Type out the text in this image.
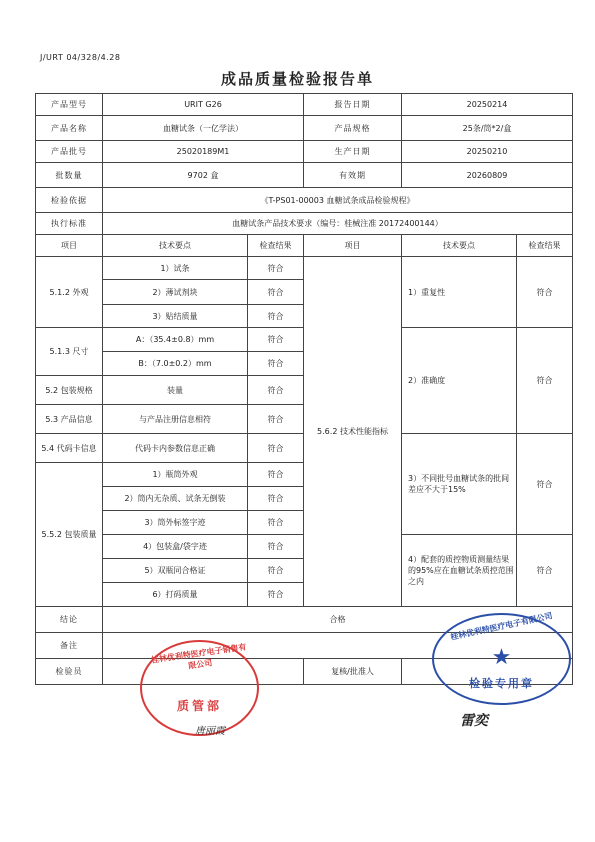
J/URT 04/328/4.28
成品质量检验报告单
产品型号	URIT G26		报告日期	20250214	
产品名称	血糖试条（一亿学法）		产品规格	25条/筒*2/盒	
产品批号	25020189M1		生产日期	20250210	
批数量	9702 盒		有效期	20260809	
检验依据	《T-PS01-00003 血糖试条成品检验规程》				
执行标准	血糖试条产品技术要求（编号：桂械注准 20172400144）				
项目	技术要点	检查结果	项目	技术要点	检查结果
5.1.2 外观	1）试条	符合	5.6.2 技术性能指标	1）重复性	符合
	2）薄试剂块	符合			
	3）贴结质量	符合			
5.1.3 尺寸	A：（35.4±0.8）mm	符合		2）准确度	符合
	B：（7.0±0.2）mm	符合			
5.2 包装规格	装量	符合			
5.3 产品信息	与产品注册信息相符	符合			
5.4 代码卡信息	代码卡内参数信息正确	符合		3）不同批号血糖试条的批间差应不大于15%	符合
5.5.2 包装质量	1）瓶筒外观	符合			
	2）筒内无杂质、试条无倒装	符合			
	3）筒外标签字迹	符合			
	4）包装盒/袋字迹	符合		4）配套的质控物质测量结果的95%应在血糖试条质控范围之内	符合
	5）双瓶同合格证	符合			
	6）打码质量	符合			
结论	合格				
备注					
检验员			复核/批准人		
桂林优利特医疗电子销售有限公司
质管部
桂林优利特医疗电子有限公司
★
检验专用章
唐丽霞
雷奕
